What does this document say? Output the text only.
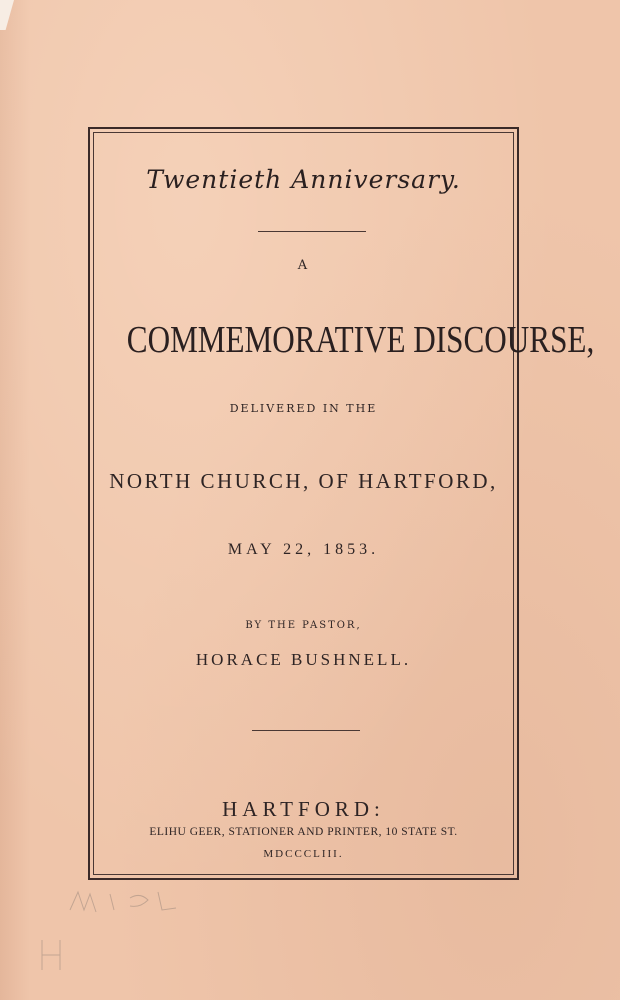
Twentieth Anniversary.
A
COMMEMORATIVE DISCOURSE,
DELIVERED IN THE
NORTH CHURCH, OF HARTFORD,
MAY 22, 1853.
BY THE PASTOR,
HORACE BUSHNELL.
HARTFORD:
ELIHU GEER, STATIONER AND PRINTER, 10 STATE ST.
MDCCCLIII.
